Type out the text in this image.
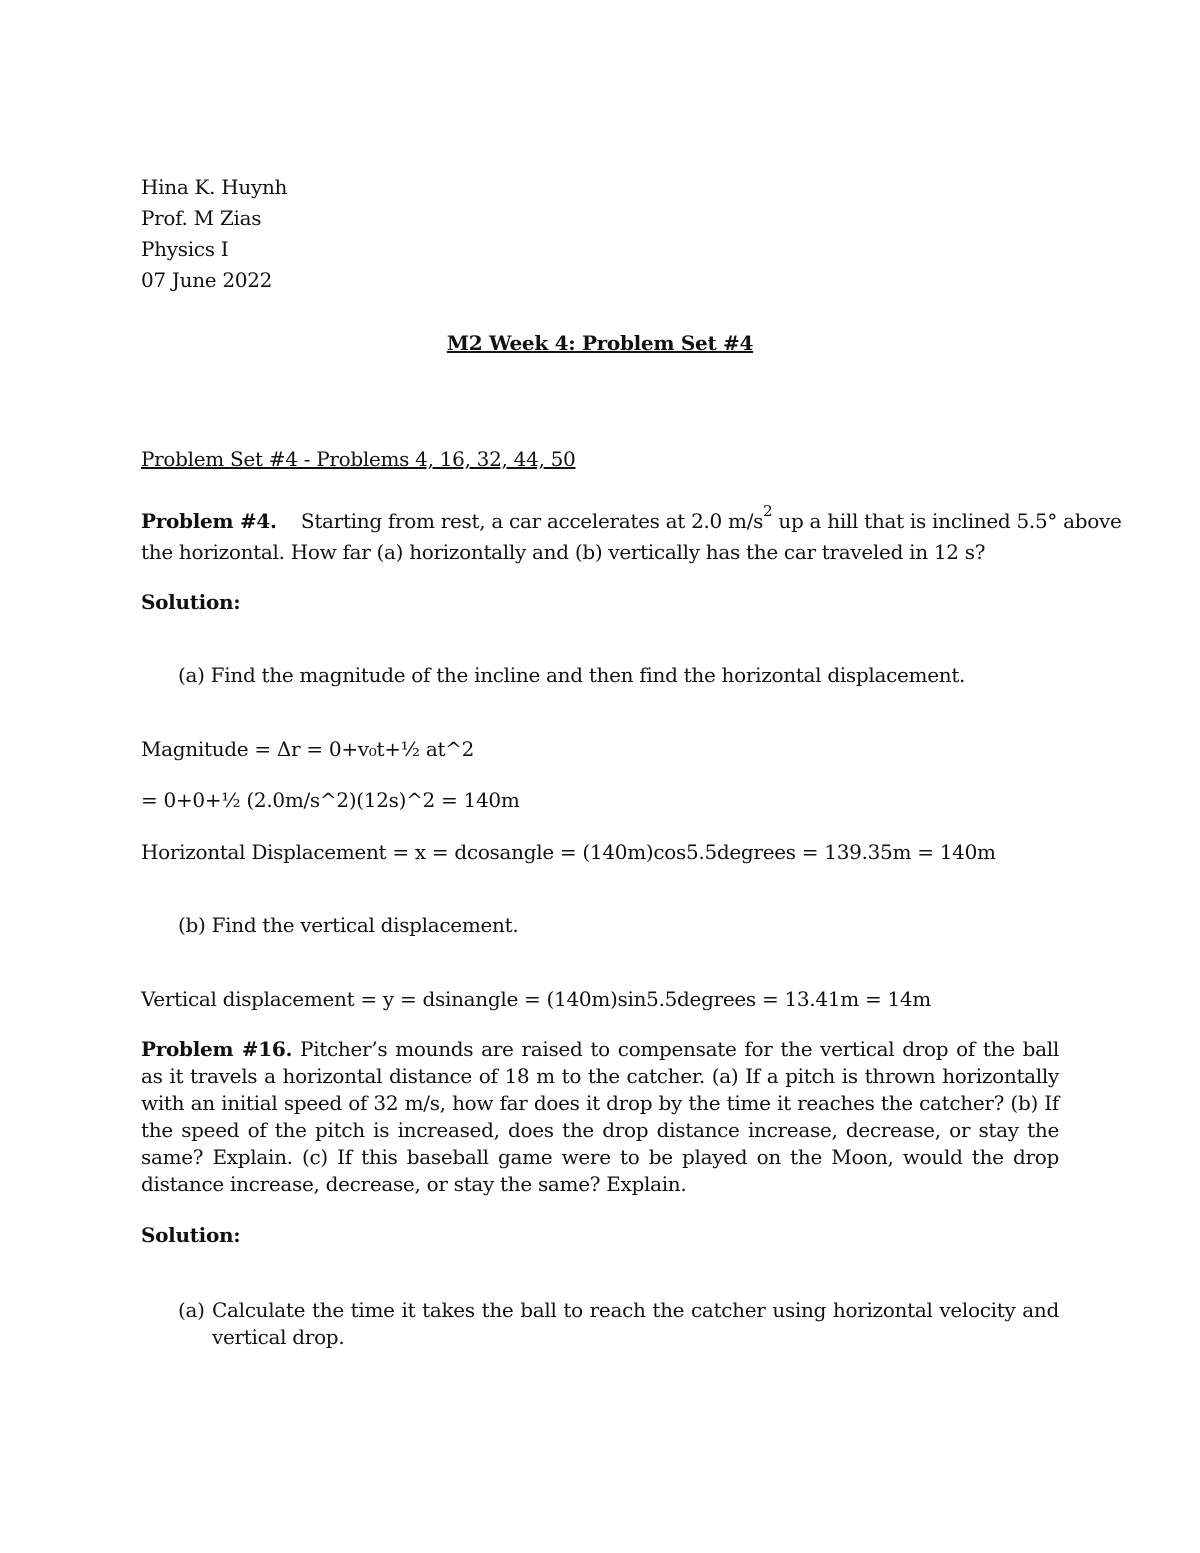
Hina K. Huynh
Prof. M Zias
Physics I
07 June 2022
M2 Week 4: Problem Set #4
Problem Set #4 - Problems 4, 16, 32, 44, 50
Problem #4. Starting from rest, a car accelerates at 2.0 $m/s^2$ up a hill that is inclined 5.5° above
the horizontal. How far (a) horizontally and (b) vertically has the car traveled in 12 s?
Solution:
(a) Find the magnitude of the incline and then find the horizontal displacement.
Magnitude = Δr = 0+v₀t+½ at^2
= 0+0+½ (2.0m/s^2)(12s)^2 = 140m
Horizontal Displacement = x = dcosangle = (140m)cos5.5degrees = 139.35m = 140m
(b) Find the vertical displacement.
Vertical displacement = y = dsinangle = (140m)sin5.5degrees = 13.41m = 14m
Problem #16. Pitcher’s mounds are raised to compensate for the vertical drop of the ball as it travels a horizontal distance of 18 m to the catcher. (a) If a pitch is thrown horizontally with an initial speed of 32 m/s, how far does it drop by the time it reaches the catcher? (b) If the speed of the pitch is increased, does the drop distance increase, decrease, or stay the same? Explain. (c) If this baseball game were to be played on the Moon, would the drop distance increase, decrease, or stay the same? Explain.
Solution:
(a) Calculate the time it takes the ball to reach the catcher using horizontal velocity and vertical drop.
